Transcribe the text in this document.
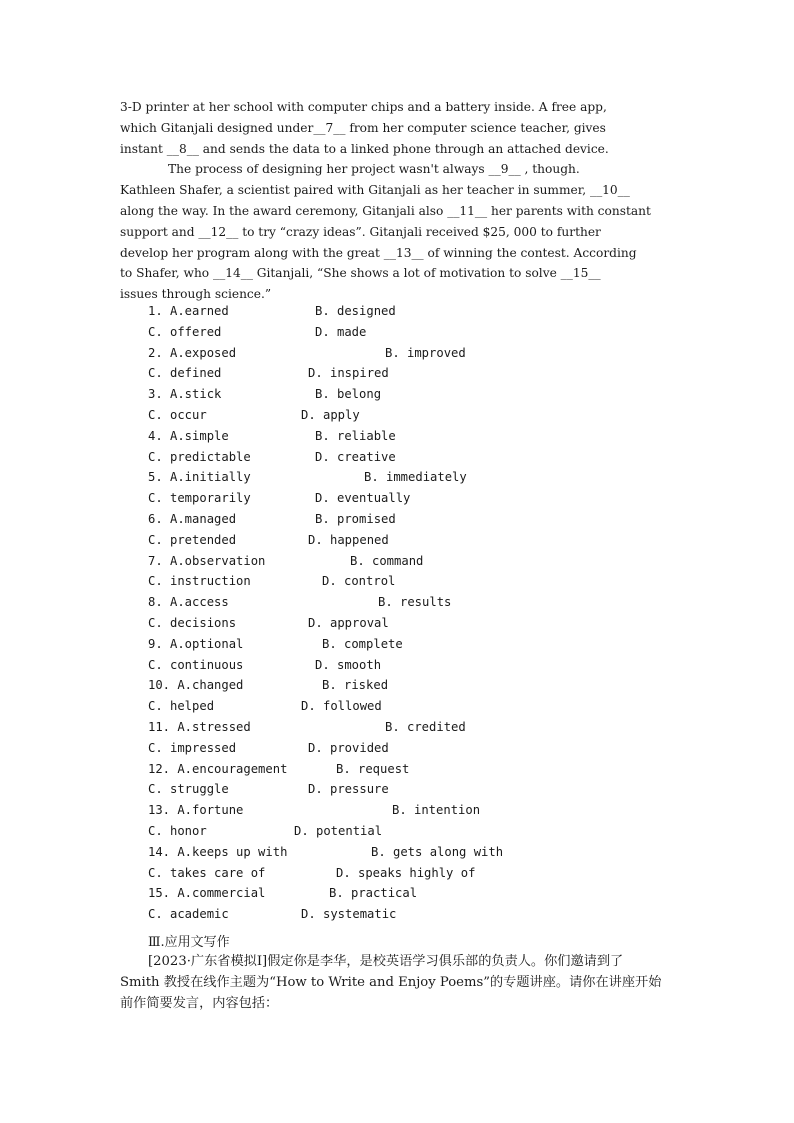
3-D printer at her school with computer chips and a battery inside. A free app,
which Gitanjali designed under__7__ from her computer science teacher, gives
instant __8__ and sends the data to a linked phone through an attached device.
The process of designing her project wasn't always __9__ , though.
Kathleen Shafer, a scientist paired with Gitanjali as her teacher in summer, __10__
along the way. In the award ceremony, Gitanjali also __11__ her parents with constant
support and __12__ to try “crazy ideas”. Gitanjali received $25, 000 to further
develop her program along with the great __13__ of winning the contest. According
to Shafer, who __14__ Gitanjali, “She shows a lot of motivation to solve __15__
issues through science.”
1. A.earned	B. designed
C. offered	D. made
2. A.exposed	B. improved
C. defined	D. inspired
3. A.stick	B. belong
C. occur	D. apply
4. A.simple	B. reliable
C. predictable	D. creative
5. A.initially	B. immediately
C. temporarily	D. eventually
6. A.managed	B. promised
C. pretended	D. happened
7. A.observation	B. command
C. instruction	D. control
8. A.access	B. results
C. decisions	D. approval
9. A.optional	B. complete
C. continuous	D. smooth
10. A.changed	B. risked
C. helped	D. followed
11. A.stressed	B. credited
C. impressed	D. provided
12. A.encouragement	B. request
C. struggle	D. pressure
13. A.fortune	B. intention
C. honor	D. potential
14. A.keeps up with	B. gets along with
C. takes care of	D. speaks highly of
15. A.commercial	B. practical
C. academic	D. systematic
Ⅲ.应用文写作
[2023·广东省模拟Ⅰ]假定你是李华，是校英语学习俱乐部的负责人。你们邀请到了
Smith 教授在线作主题为“How to Write and Enjoy Poems”的专题讲座。请你在讲座开始
前作简要发言，内容包括：
